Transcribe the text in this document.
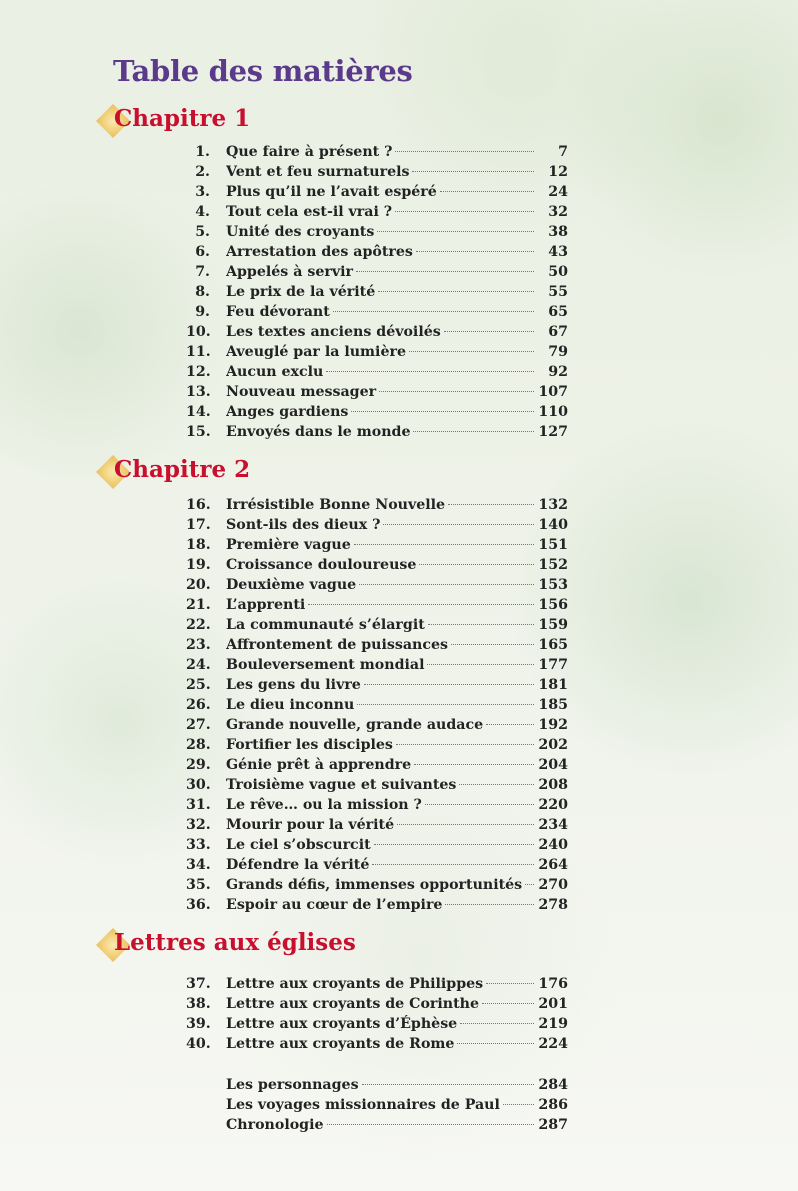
Table des matières
Chapitre 1
Chapitre 2
Lettres aux églises
1. Que faire à présent ?	7
2. Vent et feu surnaturels	12
3. Plus qu’il ne l’avait espéré	24
4. Tout cela est-il vrai ?	32
5. Unité des croyants	38
6. Arrestation des apôtres	43
7. Appelés à servir	50
8. Le prix de la vérité	55
9. Feu dévorant	65
10. Les textes anciens dévoilés	67
11. Aveuglé par la lumière	79
12. Aucun exclu	92
13. Nouveau messager	107
14. Anges gardiens	110
15. Envoyés dans le monde	127
16. Irrésistible Bonne Nouvelle	132
17. Sont-ils des dieux ?	140
18. Première vague	151
19. Croissance douloureuse	152
20. Deuxième vague	153
21. L’apprenti	156
22. La communauté s’élargit	159
23. Affrontement de puissances	165
24. Bouleversement mondial	177
25. Les gens du livre	181
26. Le dieu inconnu	185
27. Grande nouvelle, grande audace	192
28. Fortifier les disciples	202
29. Génie prêt à apprendre	204
30. Troisième vague et suivantes	208
31. Le rêve… ou la mission ?	220
32. Mourir pour la vérité	234
33. Le ciel s’obscurcit	240
34. Défendre la vérité	264
35. Grands défis, immenses opportunités	270
36. Espoir au cœur de l’empire	278
37. Lettre aux croyants de Philippes	176
38. Lettre aux croyants de Corinthe	201
39. Lettre aux croyants d’Éphèse	219
40. Lettre aux croyants de Rome	224
Les personnages	284
Les voyages missionnaires de Paul	286
Chronologie	287
